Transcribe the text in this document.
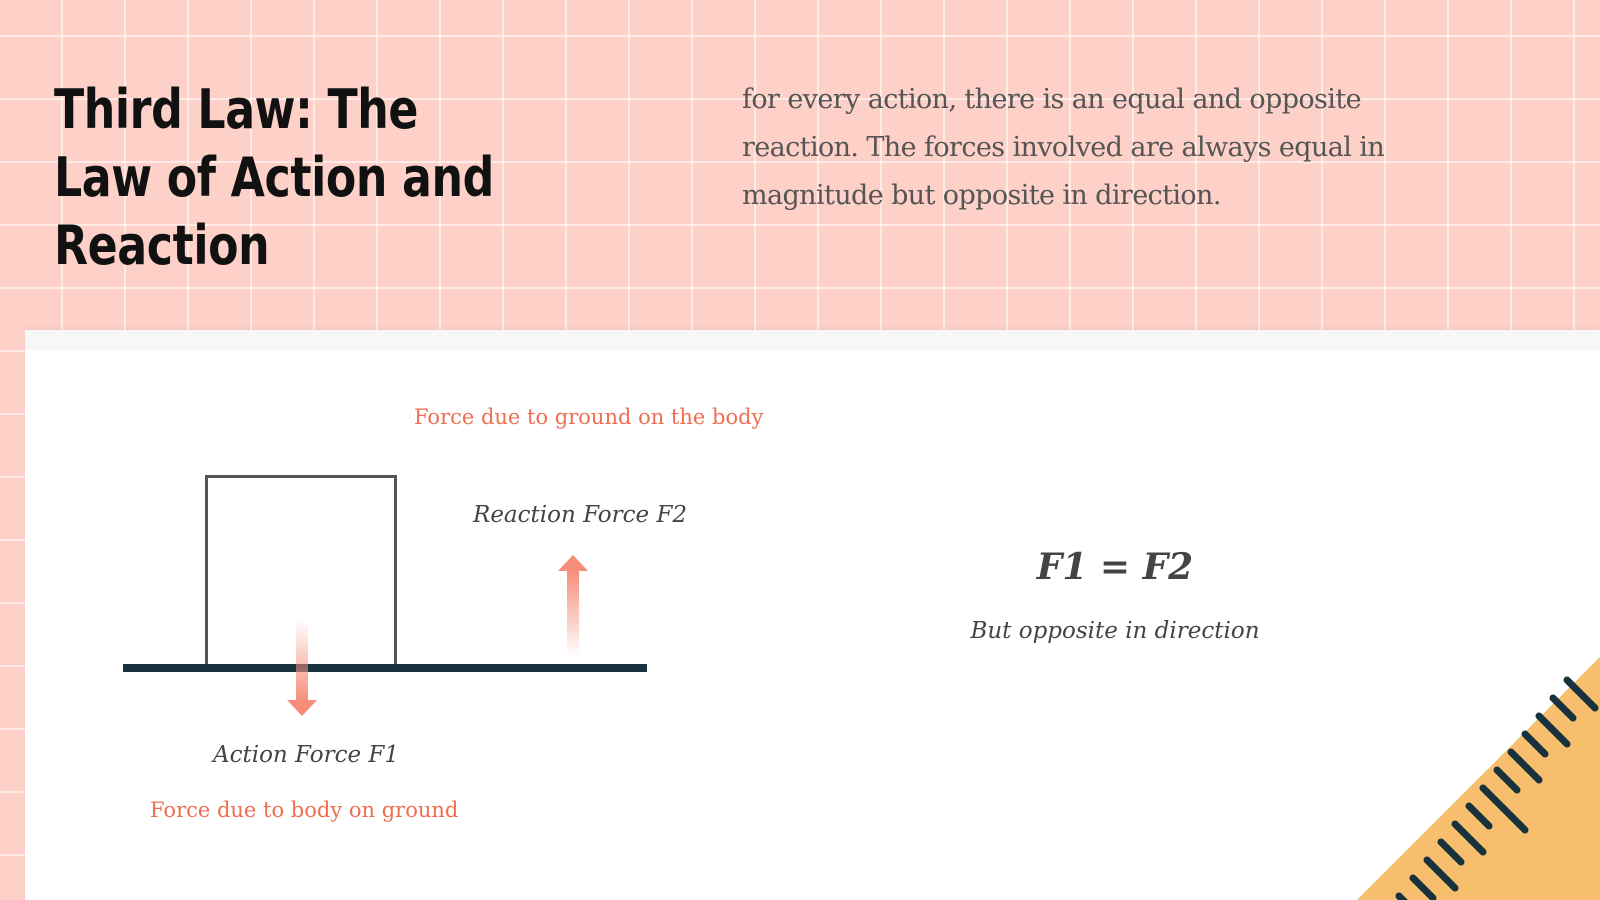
Third Law: The Law of Action and Reaction

for every action, there is an equal and opposite reaction. The forces involved are always equal in magnitude but opposite in direction.

Force due to ground on the body

Reaction Force F2

Action Force F1

Force due to body on ground

F1 = F2

But opposite in direction
